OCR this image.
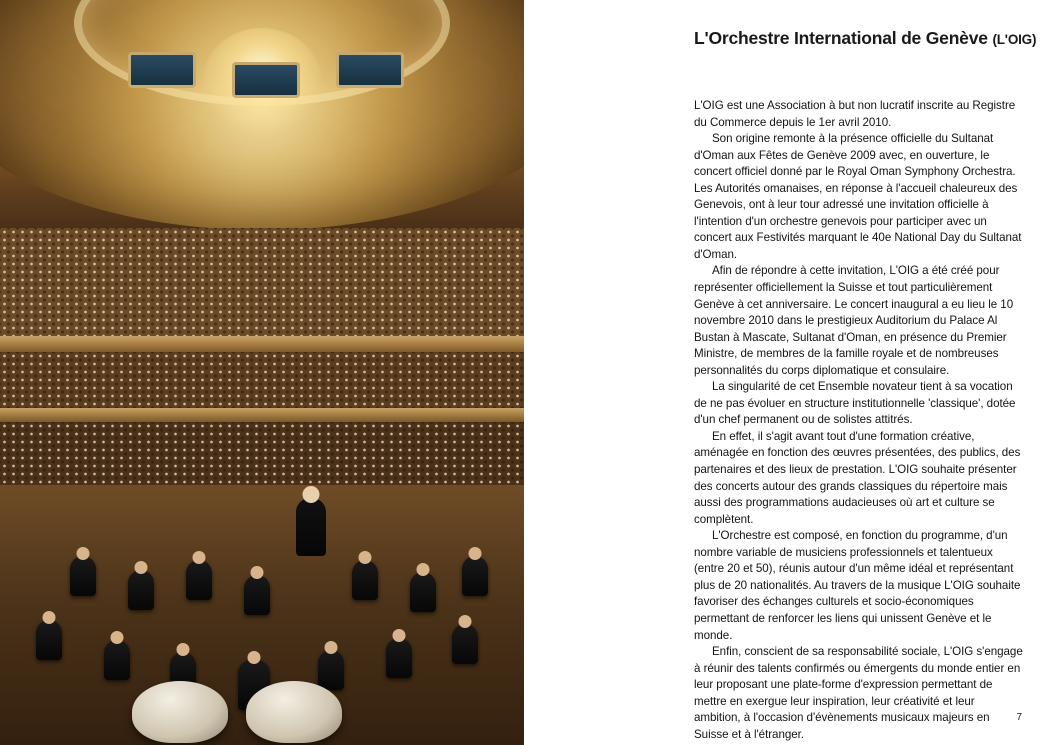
L'Orchestre International de Genève (L'OIG)

L'OIG est une Association à but non lucratif inscrite au Registre du Commerce depuis le 1er avril 2010.

Son origine remonte à la présence officielle du Sultanat d'Oman aux Fêtes de Genève 2009 avec, en ouverture, le concert officiel donné par le Royal Oman Symphony Orchestra. Les Autorités omanaises, en réponse à l'accueil chaleureux des Genevois, ont à leur tour adressé une invitation officielle à l'intention d'un orchestre genevois pour participer avec un concert aux Festivités marquant le 40e National Day du Sultanat d'Oman.

Afin de répondre à cette invitation, L'OIG a été créé pour représenter officiellement la Suisse et tout particulièrement Genève à cet anniversaire. Le concert inaugural a eu lieu le 10 novembre 2010 dans le prestigieux Auditorium du Palace Al Bustan à Mascate, Sultanat d'Oman, en présence du Premier Ministre, de membres de la famille royale et de nombreuses personnalités du corps diplomatique et consulaire.

La singularité de cet Ensemble novateur tient à sa vocation de ne pas évoluer en structure institutionnelle 'classique', dotée d'un chef permanent ou de solistes attitrés.

En effet, il s'agit avant tout d'une formation créative, aménagée en fonction des œuvres présentées, des publics, des partenaires et des lieux de prestation. L'OIG souhaite présenter des concerts autour des grands classiques du répertoire mais aussi des programmations audacieuses où art et culture se complètent.

L'Orchestre est composé, en fonction du programme, d'un nombre variable de musiciens professionnels et talentueux (entre 20 et 50), réunis autour d'un même idéal et représentant plus de 20 nationalités. Au travers de la musique L'OIG souhaite favoriser des échanges culturels et socio-économiques permettant de renforcer les liens qui unissent Genève et le monde.

Enfin, conscient de sa responsabilité sociale, L'OIG s'engage à réunir des talents confirmés ou émergents du monde entier en leur proposant une plate-forme d'expression permettant de mettre en exergue leur inspiration, leur créativité et leur ambition, à l'occasion d'évènements musicaux majeurs en Suisse et à l'étranger.

7
